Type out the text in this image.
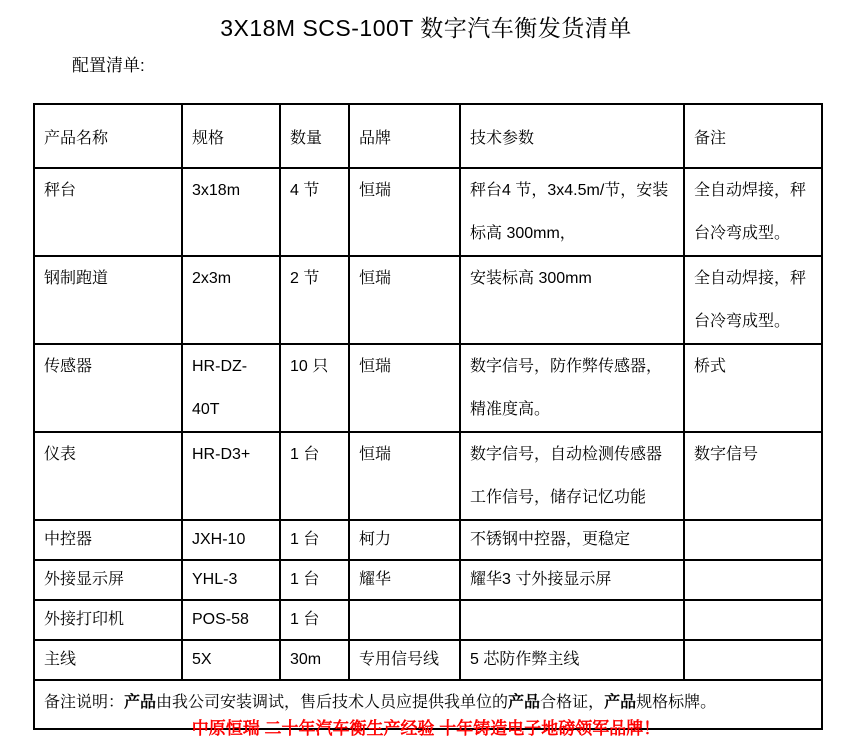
3X18M SCS-100T 数字汽车衡发货清单
配置清单:
产品名称	规格	数量	品牌	技术参数	备注
秤台	3x18m	4 节	恒瑞	秤台4 节，3x4.5m/节，安装标高 300mm，	全自动焊接，秤台冷弯成型。
钢制跑道	2x3m	2 节	恒瑞	安装标高 300mm	全自动焊接，秤台冷弯成型。
传感器	HR-DZ-40T	10 只	恒瑞	数字信号，防作弊传感器，精准度高。	桥式
仪表	HR-D3+	1 台	恒瑞	数字信号，自动检测传感器工作信号，储存记忆功能	数字信号
中控器	JXH-10	1 台	柯力	不锈钢中控器，更稳定	
外接显示屏	YHL-3	1 台	耀华	耀华3 寸外接显示屏	
外接打印机	POS-58	1 台			
主线	5X	30m	专用信号线	5 芯防作弊主线	
备注说明：产品由我公司安装调试，售后技术人员应提供我单位的产品合格证，产品规格标牌。					
中原恒瑞 二十年汽车衡生产经验 十年铸造电子地磅领军品牌！
